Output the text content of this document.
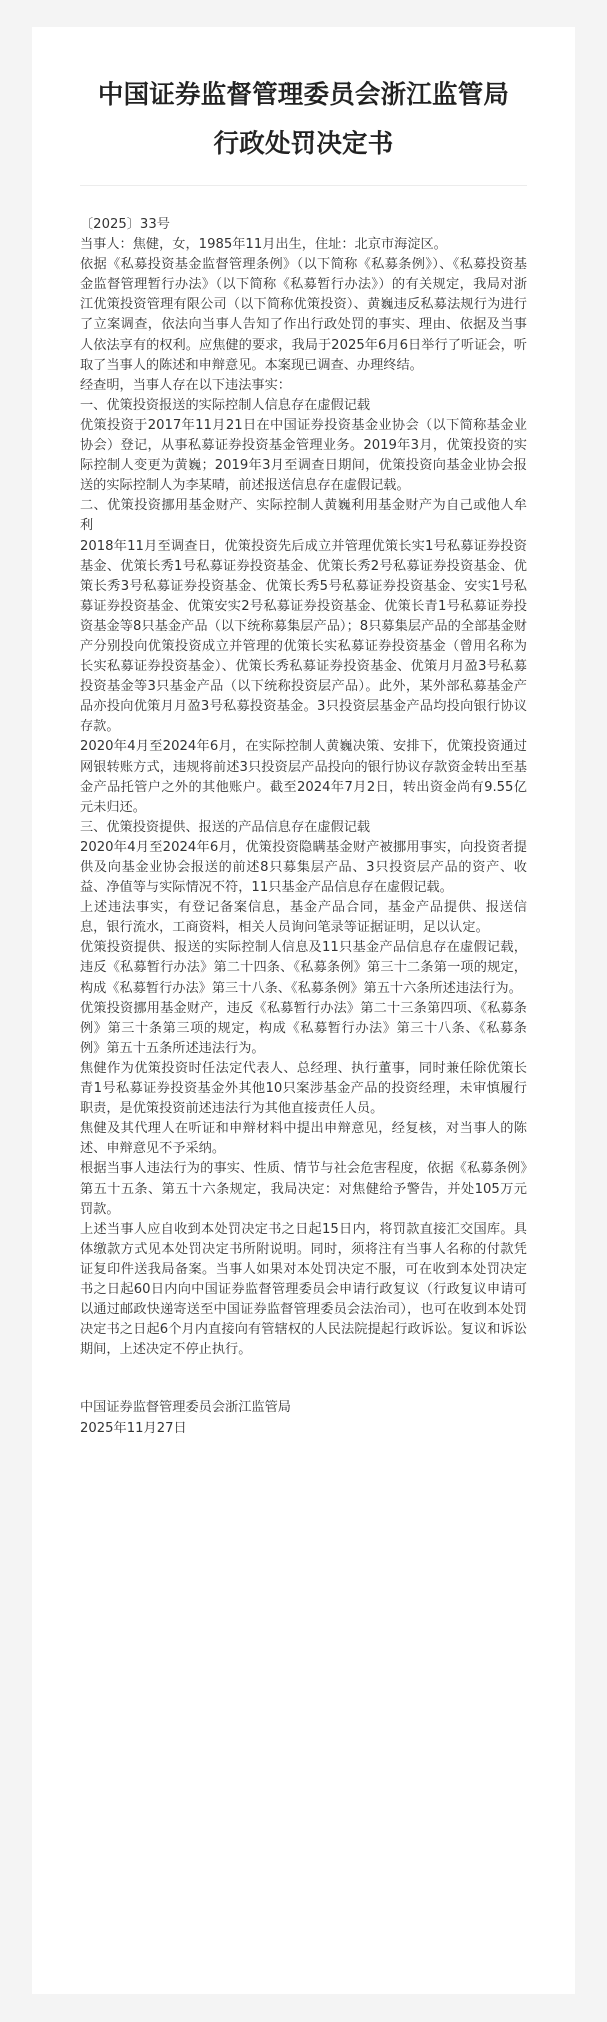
中国证券监督管理委员会浙江监管局
行政处罚决定书

〔2025〕33号

当事人：焦健，女，1985年11月出生，住址：北京市海淀区。

依据《私募投资基金监督管理条例》（以下简称《私募条例》）、《私募投资基金监督管理暂行办法》（以下简称《私募暂行办法》）的有关规定，我局对浙江优策投资管理有限公司（以下简称优策投资）、黄巍违反私募法规行为进行了立案调查，依法向当事人告知了作出行政处罚的事实、理由、依据及当事人依法享有的权利。应焦健的要求，我局于2025年6月6日举行了听证会，听取了当事人的陈述和申辩意见。本案现已调查、办理终结。

经查明，当事人存在以下违法事实：

一、优策投资报送的实际控制人信息存在虚假记载

优策投资于2017年11月21日在中国证券投资基金业协会（以下简称基金业协会）登记，从事私募证券投资基金管理业务。2019年3月，优策投资的实际控制人变更为黄巍；2019年3月至调查日期间，优策投资向基金业协会报送的实际控制人为李某晴，前述报送信息存在虚假记载。

二、优策投资挪用基金财产、实际控制人黄巍利用基金财产为自己或他人牟利

2018年11月至调查日，优策投资先后成立并管理优策长实1号私募证券投资基金、优策长秀1号私募证券投资基金、优策长秀2号私募证券投资基金、优策长秀3号私募证券投资基金、优策长秀5号私募证券投资基金、安实1号私募证券投资基金、优策安实2号私募证券投资基金、优策长青1号私募证券投资基金等8只基金产品（以下统称募集层产品）；8只募集层产品的全部基金财产分别投向优策投资成立并管理的优策长实私募证券投资基金（曾用名称为长实私募证券投资基金）、优策长秀私募证券投资基金、优策月月盈3号私募投资基金等3只基金产品（以下统称投资层产品）。此外，某外部私募基金产品亦投向优策月月盈3号私募投资基金。3只投资层基金产品均投向银行协议存款。

2020年4月至2024年6月，在实际控制人黄巍决策、安排下，优策投资通过网银转账方式，违规将前述3只投资层产品投向的银行协议存款资金转出至基金产品托管户之外的其他账户。截至2024年7月2日，转出资金尚有9.55亿元未归还。

三、优策投资提供、报送的产品信息存在虚假记载

2020年4月至2024年6月，优策投资隐瞒基金财产被挪用事实，向投资者提供及向基金业协会报送的前述8只募集层产品、3只投资层产品的资产、收益、净值等与实际情况不符，11只基金产品信息存在虚假记载。

上述违法事实，有登记备案信息，基金产品合同，基金产品提供、报送信息，银行流水，工商资料，相关人员询问笔录等证据证明，足以认定。

优策投资提供、报送的实际控制人信息及11只基金产品信息存在虚假记载，违反《私募暂行办法》第二十四条、《私募条例》第三十二条第一项的规定，构成《私募暂行办法》第三十八条、《私募条例》第五十六条所述违法行为。

优策投资挪用基金财产，违反《私募暂行办法》第二十三条第四项、《私募条例》第三十条第三项的规定，构成《私募暂行办法》第三十八条、《私募条例》第五十五条所述违法行为。

焦健作为优策投资时任法定代表人、总经理、执行董事，同时兼任除优策长青1号私募证券投资基金外其他10只案涉基金产品的投资经理，未审慎履行职责，是优策投资前述违法行为其他直接责任人员。

焦健及其代理人在听证和申辩材料中提出申辩意见，经复核，对当事人的陈述、申辩意见不予采纳。

根据当事人违法行为的事实、性质、情节与社会危害程度，依据《私募条例》第五十五条、第五十六条规定，我局决定：对焦健给予警告，并处105万元罚款。

上述当事人应自收到本处罚决定书之日起15日内，将罚款直接汇交国库。具体缴款方式见本处罚决定书所附说明。同时，须将注有当事人名称的付款凭证复印件送我局备案。当事人如果对本处罚决定不服，可在收到本处罚决定书之日起60日内向中国证券监督管理委员会申请行政复议（行政复议申请可以通过邮政快递寄送至中国证券监督管理委员会法治司），也可在收到本处罚决定书之日起6个月内直接向有管辖权的人民法院提起行政诉讼。复议和诉讼期间，上述决定不停止执行。

中国证券监督管理委员会浙江监管局
2025年11月27日
